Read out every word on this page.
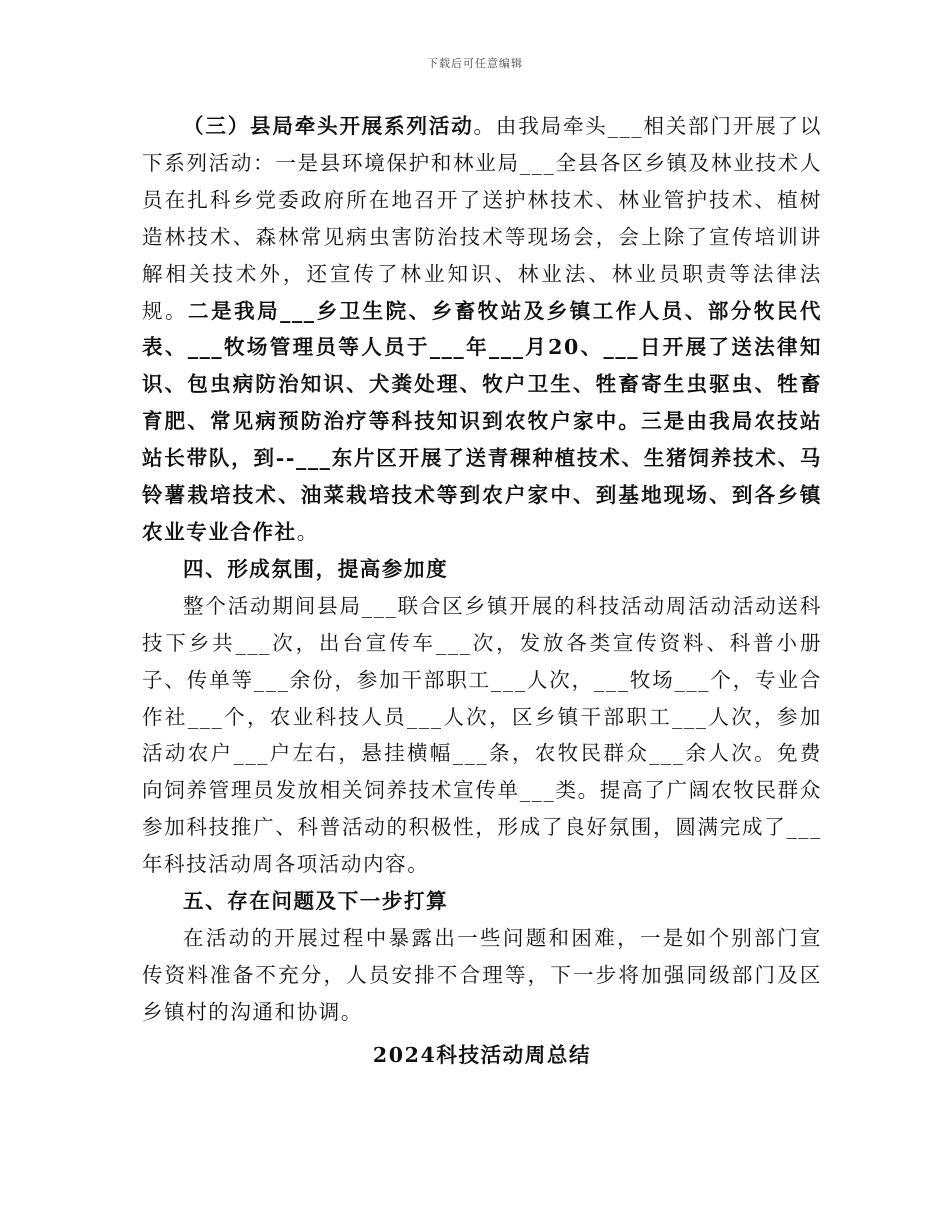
下载后可任意编辑

（三）县局牵头开展系列活动。由我局牵头___相关部门开展了以下系列活动：一是县环境保护和林业局___全县各区乡镇及林业技术人员在扎科乡党委政府所在地召开了送护林技术、林业管护技术、植树造林技术、森林常见病虫害防治技术等现场会，会上除了宣传培训讲解相关技术外，还宣传了林业知识、林业法、林业员职责等法律法规。二是我局___乡卫生院、乡畜牧站及乡镇工作人员、部分牧民代表、___牧场管理员等人员于___年___月20、___日开展了送法律知识、包虫病防治知识、犬粪处理、牧户卫生、牲畜寄生虫驱虫、牲畜育肥、常见病预防治疗等科技知识到农牧户家中。三是由我局农技站站长带队，到--___东片区开展了送青稞种植技术、生猪饲养技术、马铃薯栽培技术、油菜栽培技术等到农户家中、到基地现场、到各乡镇农业专业合作社。

四、形成氛围，提高参加度

整个活动期间县局___联合区乡镇开展的科技活动周活动活动送科技下乡共___次，出台宣传车___次，发放各类宣传资料、科普小册子、传单等___余份，参加干部职工___人次，___牧场___个，专业合作社___个，农业科技人员___人次，区乡镇干部职工___人次，参加活动农户___户左右，悬挂横幅___条，农牧民群众___余人次。免费向饲养管理员发放相关饲养技术宣传单___类。提高了广阔农牧民群众参加科技推广、科普活动的积极性，形成了良好氛围，圆满完成了___年科技活动周各项活动内容。

五、存在问题及下一步打算

在活动的开展过程中暴露出一些问题和困难，一是如个别部门宣传资料准备不充分，人员安排不合理等，下一步将加强同级部门及区乡镇村的沟通和协调。

2024科技活动周总结
